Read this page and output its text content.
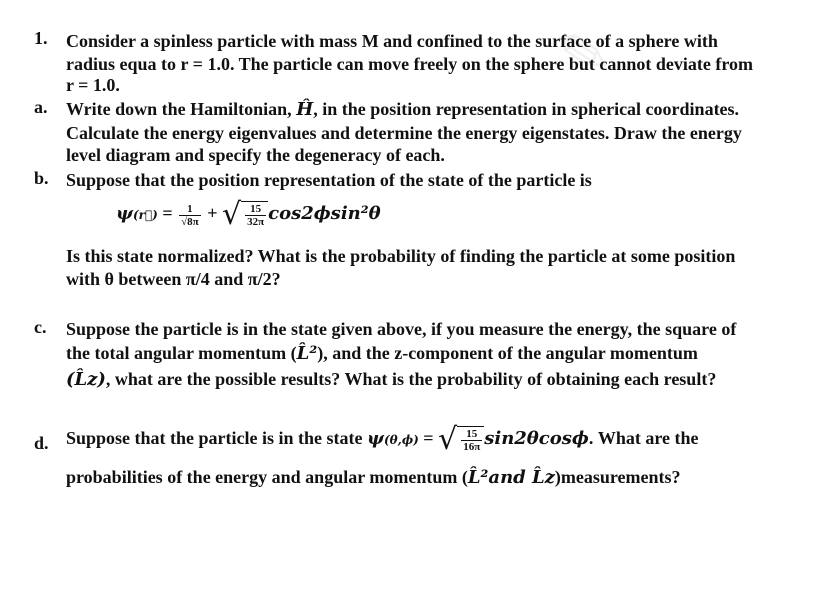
✎
1. Consider a spinless particle with mass M and confined to the surface of a sphere with
radius equa to r = 1.0. The particle can move freely on the sphere but cannot deviate from
r = 1.0.
a. Write down the Hamiltonian, Ĥ, in the position representation in spherical coordinates.
Calculate the energy eigenvalues and determine the energy eigenstates. Draw the energy
level diagram and specify the degeneracy of each.
b. Suppose that the position representation of the state of the particle is
ψ(r⃗) = $\frac{1}{√8\pi}$ + √ $\frac{15}{32\pi} \cos 2\phi\sin^2\theta$
Is this state normalized? What is the probability of finding the particle at some position
with θ between π/4 and π/2?
c. Suppose the particle is in the state given above, if you measure the energy, the square of
the total angular momentum (L̂²), and the z-component of the angular momentum
(L̂z), what are the possible results? What is the probability of obtaining each result?
d. Suppose that the particle is in the state ψ(θ,ϕ) = √ $\frac{15}{16\pi} \sin 2\theta\cos\phi$. What are the
probabilities of the energy and angular momentum (L̂²and L̂z)measurements?
